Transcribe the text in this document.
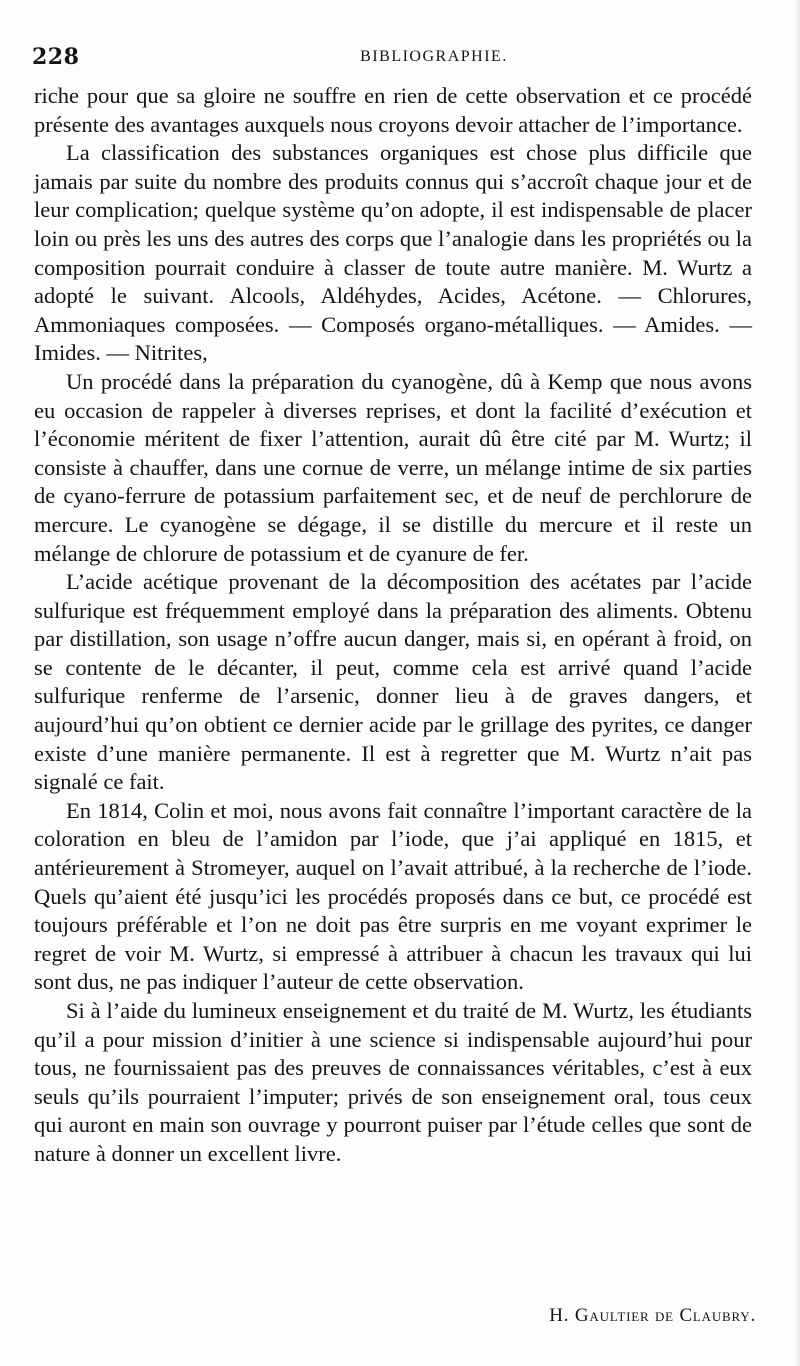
228	BIBLIOGRAPHIE.

riche pour que sa gloire ne souffre en rien de cette observation et ce procédé présente des avantages auxquels nous croyons devoir attacher de l’importance.

La classification des substances organiques est chose plus difficile que jamais par suite du nombre des produits connus qui s’accroît chaque jour et de leur complication; quelque système qu’on adopte, il est indispensable de placer loin ou près les uns des autres des corps que l’analogie dans les propriétés ou la composition pourrait conduire à classer de toute autre manière. M. Wurtz a adopté le suivant. Alcools, Aldéhydes, Acides, Acétone. — Chlorures, Ammoniaques composées. — Composés organo-métalliques. — Amides. — Imides. — Nitrites,

Un procédé dans la préparation du cyanogène, dû à Kemp que nous avons eu occasion de rappeler à diverses reprises, et dont la facilité d’exécution et l’économie méritent de fixer l’attention, aurait dû être cité par M. Wurtz; il consiste à chauffer, dans une cornue de verre, un mélange intime de six parties de cyano-ferrure de potassium parfaitement sec, et de neuf de perchlorure de mercure. Le cyanogène se dégage, il se distille du mercure et il reste un mélange de chlorure de potassium et de cyanure de fer.

L’acide acétique provenant de la décomposition des acétates par l’acide sulfurique est fréquemment employé dans la préparation des aliments. Obtenu par distillation, son usage n’offre aucun danger, mais si, en opérant à froid, on se contente de le décanter, il peut, comme cela est arrivé quand l’acide sulfurique renferme de l’arsenic, donner lieu à de graves dangers, et aujourd’hui qu’on obtient ce dernier acide par le grillage des pyrites, ce danger existe d’une manière permanente. Il est à regretter que M. Wurtz n’ait pas signalé ce fait.

En 1814, Colin et moi, nous avons fait connaître l’important caractère de la coloration en bleu de l’amidon par l’iode, que j’ai appliqué en 1815, et antérieurement à Stromeyer, auquel on l’avait attribué, à la recherche de l’iode. Quels qu’aient été jusqu’ici les procédés proposés dans ce but, ce procédé est toujours préférable et l’on ne doit pas être surpris en me voyant exprimer le regret de voir M. Wurtz, si empressé à attribuer à chacun les travaux qui lui sont dus, ne pas indiquer l’auteur de cette observation.

Si à l’aide du lumineux enseignement et du traité de M. Wurtz, les étudiants qu’il a pour mission d’initier à une science si indispensable aujourd’hui pour tous, ne fournissaient pas des preuves de connaissances véritables, c’est à eux seuls qu’ils pourraient l’imputer; privés de son enseignement oral, tous ceux qui auront en main son ouvrage y pourront puiser par l’étude celles que sont de nature à donner un excellent livre.

H. Gaultier de Claubry.
